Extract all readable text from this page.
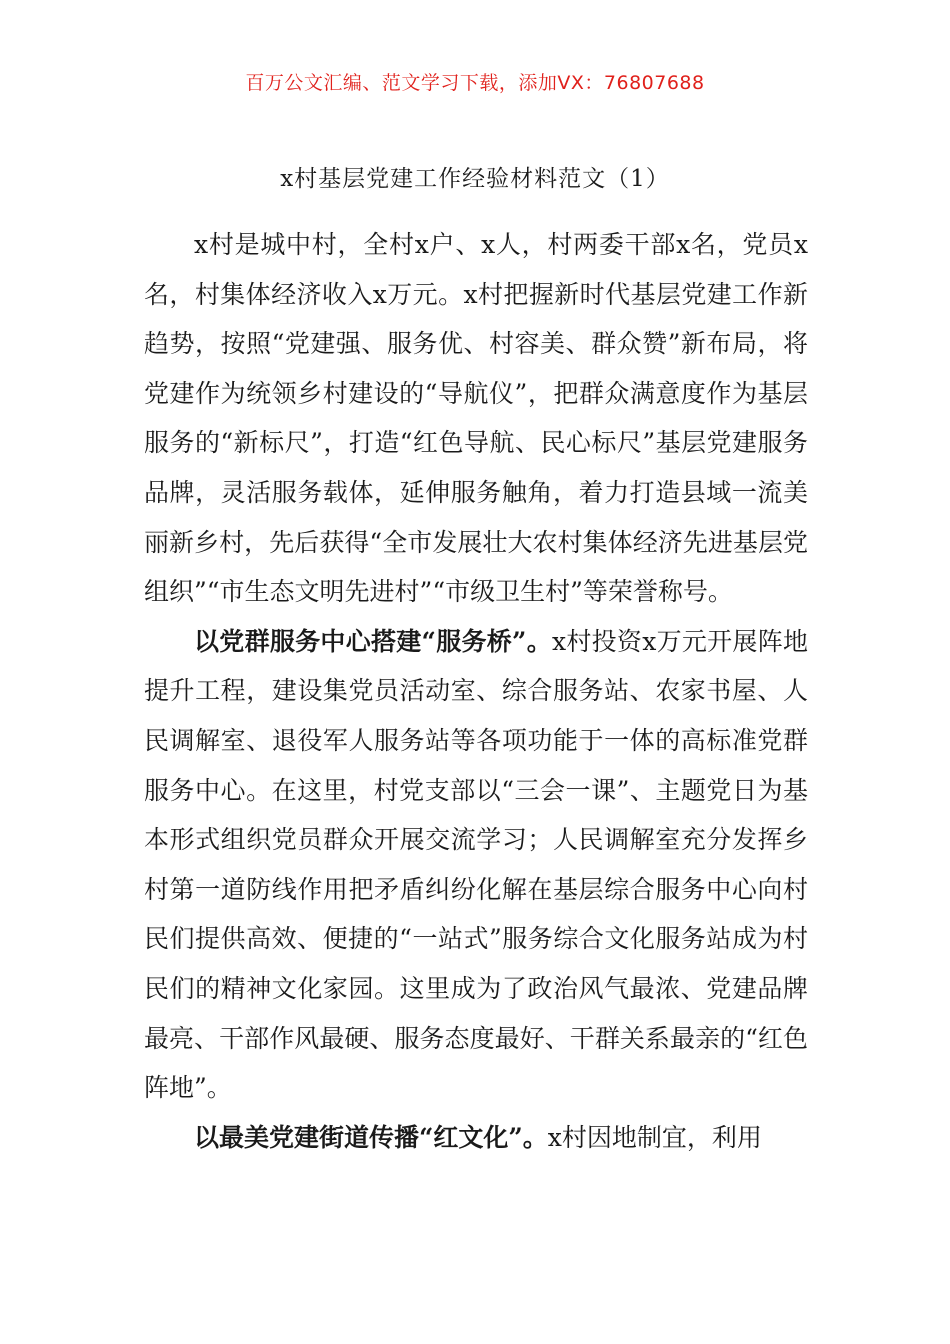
百万公文汇编、范文学习下载，添加VX：76807688
x村基层党建工作经验材料范文（1）

x村是城中村，全村x户、x人，村两委干部x名，党员x名，村集体经济收入x万元。x村把握新时代基层党建工作新趋势，按照“党建强、服务优、村容美、群众赞”新布局，将党建作为统领乡村建设的“导航仪”，把群众满意度作为基层服务的“新标尺”，打造“红色导航、民心标尺”基层党建服务品牌，灵活服务载体，延伸服务触角，着力打造县域一流美丽新乡村，先后获得“全市发展壮大农村集体经济先进基层党组织”“市生态文明先进村”“市级卫生村”等荣誉称号。

以党群服务中心搭建“服务桥”。x村投资x万元开展阵地提升工程，建设集党员活动室、综合服务站、农家书屋、人民调解室、退役军人服务站等各项功能于一体的高标准党群服务中心。在这里，村党支部以“三会一课”、主题党日为基本形式组织党员群众开展交流学习；人民调解室充分发挥乡村第一道防线作用把矛盾纠纷化解在基层综合服务中心向村民们提供高效、便捷的“一站式”服务综合文化服务站成为村民们的精神文化家园。这里成为了政治风气最浓、党建品牌最亮、干部作风最硬、服务态度最好、干群关系最亲的“红色阵地”。

以最美党建街道传播“红文化”。x村因地制宜，利用
